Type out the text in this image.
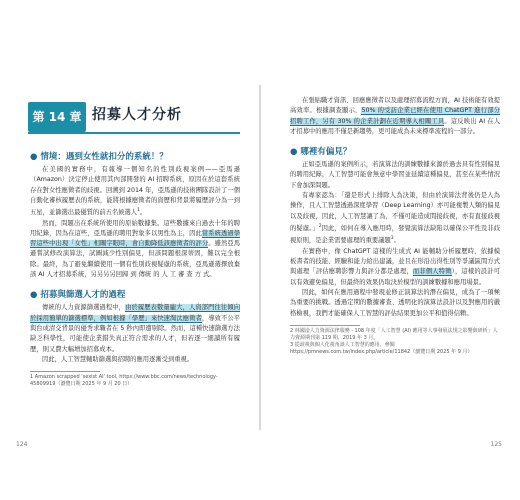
第 14 章 招募人才分析
● 情境：遇到女性就扣分的系統！？

在美國的實務中，有報導一個知名的性別歧視案例——亞馬遜（Amazon）決定停止使用其內部開發的 AI 招聘系統，原因在於這套系統存在對女性應徵者的歧視。回溯到 2014 年，亞馬遜的技術團隊設計了一個自動化審核履歷表的系統，能將根據應徵者的資歷和背景將履歷評分為一到五星，並篩選出最優質的前五名候選人$^1$。

然而，問題出在系統所使用的原始數據集。這些數據來自過去十年的聘用紀錄，因為在這些，亞馬遜的聘用對象多以男性為主，因此當系統透過學習這些中出現「女性」相關字眼時，會自動降低該應徵者的評分。雖然亞馬遜嘗試修改演算法，試圖減少性別偏見，但該問題根深蒂固，難以完全根除。最終，為了避免繼續使用一個有性別歧視疑慮的系統，亞馬遜選擇放棄該 AI 人才招募系統，另另另另回歸 到 傳統 的 人 工 審 查 方 式。

● 招募與篩選人才的過程

傳統的人力資源篩選過程中，由於履歷表數量龐大，人資部門往往傾向於採用簡單的篩選標準，例如根據「學歷」來快速淘汰應徵者，導致不公平與台成清交背景的優秀求職者在 5 秒內即遭剔除。然而，這種快速篩選方法缺乏科學性，可能使企業錯失真正符合需求的人才，但若逐一細讀所有履歷，則又費大幅增加招募成本。

因此，人工智慧輔助篩選與招聘的應用逐漸受到重視。

1 Amazon scrapped 'sexist AI' tool, https://www.bbc.com/news/technology-45809919（瀏覽日期 2025 年 9 月 20 日）
124

在張貼職才資訊、回應應徵者以及處理招募流程方面，AI 技術能有效提高效率。根據調查顯示，50% 的受訪企業已經在使用 ChatGPT 進行部分招聘工作，另有 30% 的企業計劃在近期導入相關工具。這反映出 AI 在人才招募中的應用不僅是新趨勢，更可能成為未來標準流程的一部分。

● 哪裡有偏見？

正如亞馬遜的案例所示，若演算法的訓練數據來源於過去具有性別偏見的聘用紀錄，人工智慧可能會無意中學習並延續這種偏見，甚至在某些情況下會加深問題。

有專家認為：「還是形式上排除人為決策，但由於演算法背後仍是人為操作，且人工智慧透過深度學習（Deep Learning）亦可能複製人類的偏見以及歧視，因此，人工智慧讓了為，不僅可能造成間接歧視，亦有直接歧視的疑慮。」$^2$因此，如何在導入應用時，發覺演算法缺陷以確保公平性及非歧視原則，是企業需要處理的重要議題$^3$。

在實務中，像 ChatGPT 這樣的生成式 AI 能輔助分析履歷時，依據模板書者的技能、經驗和能力給出建議，並且在形沿出得性別等爭議區間方式與處理「評估應聘影響力與評分都是處理，而非個人特徵），這樣的設計可以有效避免偏見，但最終的效果仍取決於模型的訓練數據和應用場景。

因此，如何在應用過程中發現並修正演算法的潛在偏見，成為了一項極為重要的挑戰。透過定期的數據審查、透明化的演算法設計以及對應用的嚴格檢視，我們才能確保人工智慧的評估結果更加公平和值得信賴。

2 林國淦人力資源法律服務 · 108 年度「人工智慧 (AI) 應用等人事發展法規之影響與研析」人力資源期刊第 119 期，2019 年 3 月。
3 從歧視與個人化視角談人工智慧的應用，參閱 https://pmnews.com.tw/index.php/article/11842（瀏覽日期 2025 年 9 月）
125
